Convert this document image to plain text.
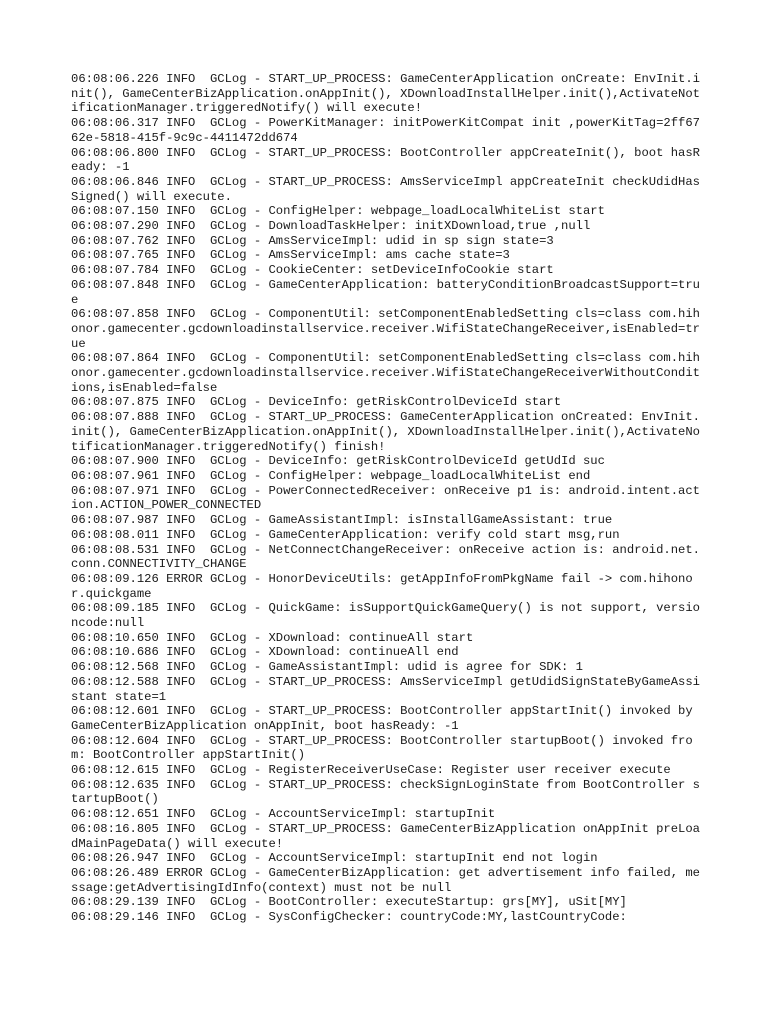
06:08:06.226 INFO  GCLog - START_UP_PROCESS: GameCenterApplication onCreate: EnvInit.init(), GameCenterBizApplication.onAppInit(), XDownloadInstallHelper.init(),ActivateNotificationManager.triggeredNotify() will execute!
06:08:06.317 INFO  GCLog - PowerKitManager: initPowerKitCompat init ,powerKitTag=2ff6762e-5818-415f-9c9c-4411472dd674
06:08:06.800 INFO  GCLog - START_UP_PROCESS: BootController appCreateInit(), boot hasReady: -1
06:08:06.846 INFO  GCLog - START_UP_PROCESS: AmsServiceImpl appCreateInit checkUdidHasSigned() will execute.
06:08:07.150 INFO  GCLog - ConfigHelper: webpage_loadLocalWhiteList start
06:08:07.290 INFO  GCLog - DownloadTaskHelper: initXDownload,true ,null
06:08:07.762 INFO  GCLog - AmsServiceImpl: udid in sp sign state=3
06:08:07.765 INFO  GCLog - AmsServiceImpl: ams cache state=3
06:08:07.784 INFO  GCLog - CookieCenter: setDeviceInfoCookie start
06:08:07.848 INFO  GCLog - GameCenterApplication: batteryConditionBroadcastSupport=true
06:08:07.858 INFO  GCLog - ComponentUtil: setComponentEnabledSetting cls=class com.hihonor.gamecenter.gcdownloadinstallservice.receiver.WifiStateChangeReceiver,isEnabled=true
06:08:07.864 INFO  GCLog - ComponentUtil: setComponentEnabledSetting cls=class com.hihonor.gamecenter.gcdownloadinstallservice.receiver.WifiStateChangeReceiverWithoutConditions,isEnabled=false
06:08:07.875 INFO  GCLog - DeviceInfo: getRiskControlDeviceId start
06:08:07.888 INFO  GCLog - START_UP_PROCESS: GameCenterApplication onCreated: EnvInit.init(), GameCenterBizApplication.onAppInit(), XDownloadInstallHelper.init(),ActivateNotificationManager.triggeredNotify() finish!
06:08:07.900 INFO  GCLog - DeviceInfo: getRiskControlDeviceId getUdId suc
06:08:07.961 INFO  GCLog - ConfigHelper: webpage_loadLocalWhiteList end
06:08:07.971 INFO  GCLog - PowerConnectedReceiver: onReceive p1 is: android.intent.action.ACTION_POWER_CONNECTED
06:08:07.987 INFO  GCLog - GameAssistantImpl: isInstallGameAssistant: true
06:08:08.011 INFO  GCLog - GameCenterApplication: verify cold start msg,run
06:08:08.531 INFO  GCLog - NetConnectChangeReceiver: onReceive action is: android.net.conn.CONNECTIVITY_CHANGE
06:08:09.126 ERROR GCLog - HonorDeviceUtils: getAppInfoFromPkgName fail -> com.hihonor.quickgame
06:08:09.185 INFO  GCLog - QuickGame: isSupportQuickGameQuery() is not support, versioncode:null
06:08:10.650 INFO  GCLog - XDownload: continueAll start
06:08:10.686 INFO  GCLog - XDownload: continueAll end
06:08:12.568 INFO  GCLog - GameAssistantImpl: udid is agree for SDK: 1
06:08:12.588 INFO  GCLog - START_UP_PROCESS: AmsServiceImpl getUdidSignStateByGameAssistant state=1
06:08:12.601 INFO  GCLog - START_UP_PROCESS: BootController appStartInit() invoked by GameCenterBizApplication onAppInit, boot hasReady: -1
06:08:12.604 INFO  GCLog - START_UP_PROCESS: BootController startupBoot() invoked from: BootController appStartInit()
06:08:12.615 INFO  GCLog - RegisterReceiverUseCase: Register user receiver execute
06:08:12.635 INFO  GCLog - START_UP_PROCESS: checkSignLoginState from BootController startupBoot()
06:08:12.651 INFO  GCLog - AccountServiceImpl: startupInit
06:08:16.805 INFO  GCLog - START_UP_PROCESS: GameCenterBizApplication onAppInit preLoadMainPageData() will execute!
06:08:26.947 INFO  GCLog - AccountServiceImpl: startupInit end not login
06:08:26.489 ERROR GCLog - GameCenterBizApplication: get advertisement info failed, message:getAdvertisingIdInfo(context) must not be null
06:08:29.139 INFO  GCLog - BootController: executeStartup: grs[MY], uSit[MY]
06:08:29.146 INFO  GCLog - SysConfigChecker: countryCode:MY,lastCountryCode:
